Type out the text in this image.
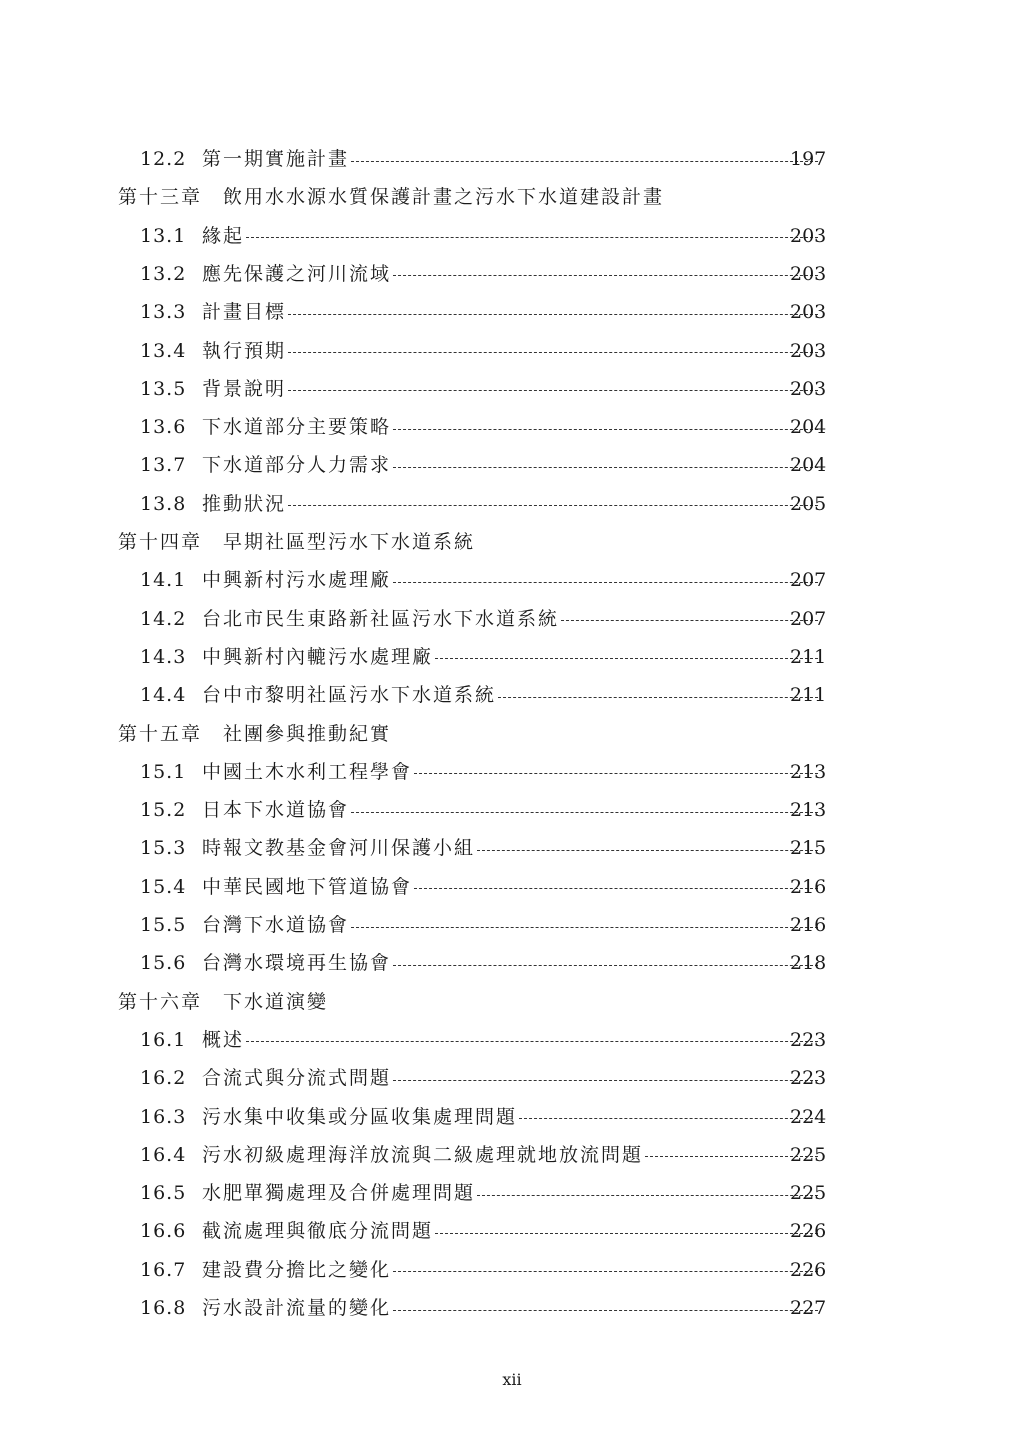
12.2 第一期實施計畫	197
第十三章　飲用水水源水質保護計畫之污水下水道建設計畫
13.1 緣起	203
13.2 應先保護之河川流域	203
13.3 計畫目標	203
13.4 執行預期	203
13.5 背景說明	203
13.6 下水道部分主要策略	204
13.7 下水道部分人力需求	204
13.8 推動狀況	205
第十四章　早期社區型污水下水道系統
14.1 中興新村污水處理廠	207
14.2 台北市民生東路新社區污水下水道系統	207
14.3 中興新村內轆污水處理廠	211
14.4 台中市黎明社區污水下水道系統	211
第十五章　社團參與推動紀實
15.1 中國土木水利工程學會	213
15.2 日本下水道協會	213
15.3 時報文教基金會河川保護小組	215
15.4 中華民國地下管道協會	216
15.5 台灣下水道協會	216
15.6 台灣水環境再生協會	218
第十六章　下水道演變
16.1 概述	223
16.2 合流式與分流式問題	223
16.3 污水集中收集或分區收集處理問題	224
16.4 污水初級處理海洋放流與二級處理就地放流問題	225
16.5 水肥單獨處理及合併處理問題	225
16.6 截流處理與徹底分流問題	226
16.7 建設費分擔比之變化	226
16.8 污水設計流量的變化	227
xii
